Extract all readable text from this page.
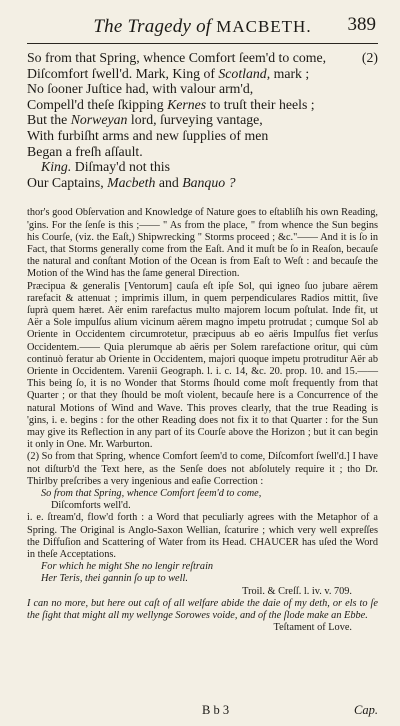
The Tragedy of MACBETH.	389
So from that Spring, whence Comfort ſeem'd to come,	(2)
Diſcomfort ſwell'd. Mark, King of Scotland, mark ;
No ſooner Juſtice had, with valour arm'd,
Compell'd theſe ſkipping Kernes to truſt their heels ;
But the Norweyan lord, ſurveying vantage,
With furbiſht arms and new ſupplies of men
Began a freſh aſſault.
King. Diſmay'd not this
Our Captains, Macbeth and Banquo ?
thor's good Obſervation and Knowledge of Nature goes to eſtabliſh his own Reading, 'gins. For the ſenſe is this ;—— " As from the place, " from whence the Sun begins his Courſe, (viz. the Eaſt,) Shipwrecking " Storms proceed ; &c."—— And it is ſo in Fact, that Storms generally come from the Eaſt. And it muſt be ſo in Reaſon, becauſe the natural and conſtant Motion of the Ocean is from Eaſt to Weſt : and becauſe the Motion of the Wind has the ſame general Direction.
Præcipua & generalis [Ventorum] cauſa eſt ipſe Sol, qui igneo ſuo jubare aërem rarefacit & attenuat ; imprimis illum, in quem perpendiculares Radios mittit, ſive ſuprà quem hæret. Aër enim rarefactus multo majorem locum poſtulat. Inde fit, ut Aër a Sole impulſus alium vicinum aërem magno impetu protrudat ; cumque Sol ab Oriente in Occidentem circumrotetur, præcipuus ab eo aëris Impulſus fiet verſus Occidentem.—— Quia plerumque ab aëris per Solem rarefactione oritur, qui cùm continuò feratur ab Oriente in Occidentem, majori quoque impetu protruditur Aër ab Oriente in Occidentem. Varenii Geograph. l. i. c. 14, &c. 20. prop. 10. and 15.—— This being ſo, it is no Wonder that Storms ſhould come moſt frequently from that Quarter ; or that they ſhould be moſt violent, becauſe here is a Concurrence of the natural Motions of Wind and Wave. This proves clearly, that the true Reading is 'gins, i. e. begins : for the other Reading does not fix it to that Quarter : for the Sun may give its Reflection in any part of its Courſe above the Horizon ; but it can begin it only in One. Mr. Warburton.
(2) So from that Spring, whence Comfort ſeem'd to come, Diſcomfort ſwell'd.] I have not diſturb'd the Text here, as the Senſe does not abſolutely require it ; tho Dr. Thirlby preſcribes a very ingenious and eaſie Correction :
So from that Spring, whence Comfort ſeem'd to come,
Diſcomforts well'd.
i. e. ſtream'd, flow'd forth : a Word that peculiarly agrees with the Metaphor of a Spring. The Original is Anglo-Saxon Wellian, ſcaturire ; which very well expreſſes the Diffuſion and Scattering of Water from its Head. CHAUCER has uſed the Word in theſe Acceptations.
For which he might She no lengir reſtrain
Her Teris, thei gannin ſo up to well.
Troil. & Creſſ. l. iv. v. 709.
I can no more, but here out caſt of all welfare abide the daie of my deth, or els to ſe the ſight that might all my wellynge Sorowes voide, and of the ſlode make an Ebbe.
Teſtament of Love.
B b 3	Cap.
